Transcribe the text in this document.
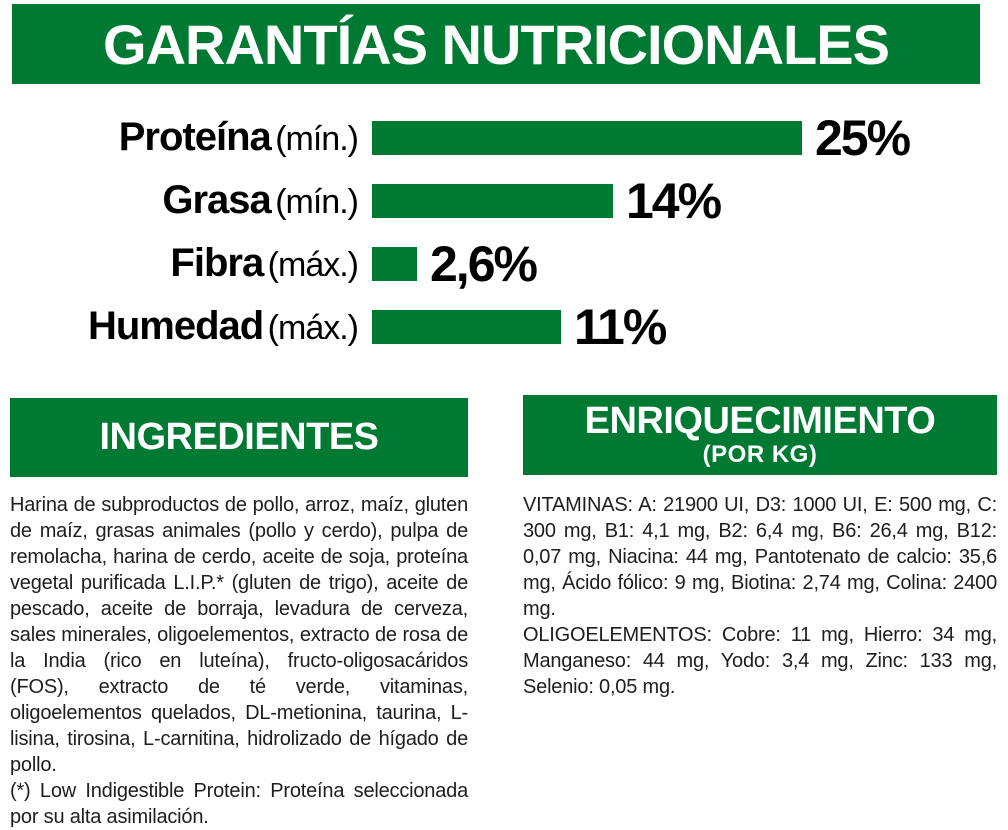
GARANTÍAS NUTRICIONALES
Proteína (mín.)	25%
Grasa (mín.)	14%
Fibra (máx.) 2,6%
Humedad (máx.)	11%
INGREDIENTES

Harina de subproductos de pollo, arroz, maíz, gluten de maíz, grasas animales (pollo y cerdo), pulpa de remolacha, harina de cerdo, aceite de soja, proteína vegetal purificada L.I.P.* (gluten de trigo), aceite de pescado, aceite de borraja, levadura de cerveza, sales minerales, oligoelementos, extracto de rosa de la India (rico en luteína), fructo-oligosacáridos (FOS), extracto de té verde, vitaminas, oligoelementos quelados, DL-metionina, taurina, L-lisina, tirosina, L-carnitina, hidrolizado de hígado de pollo.

(*) Low Indigestible Protein: Proteína seleccionada por su alta asimilación.

ENRIQUECIMIENTO
(POR KG)

VITAMINAS: A: 21900 UI, D3: 1000 UI, E: 500 mg, C: 300 mg, B1: 4,1 mg, B2: 6,4 mg, B6: 26,4 mg, B12: 0,07 mg, Niacina: 44 mg, Pantotenato de calcio: 35,6 mg, Ácido fólico: 9 mg, Biotina: 2,74 mg, Colina: 2400 mg.

OLIGOELEMENTOS: Cobre: 11 mg, Hierro: 34 mg, Manganeso: 44 mg, Yodo: 3,4 mg, Zinc: 133 mg, Selenio: 0,05 mg.
